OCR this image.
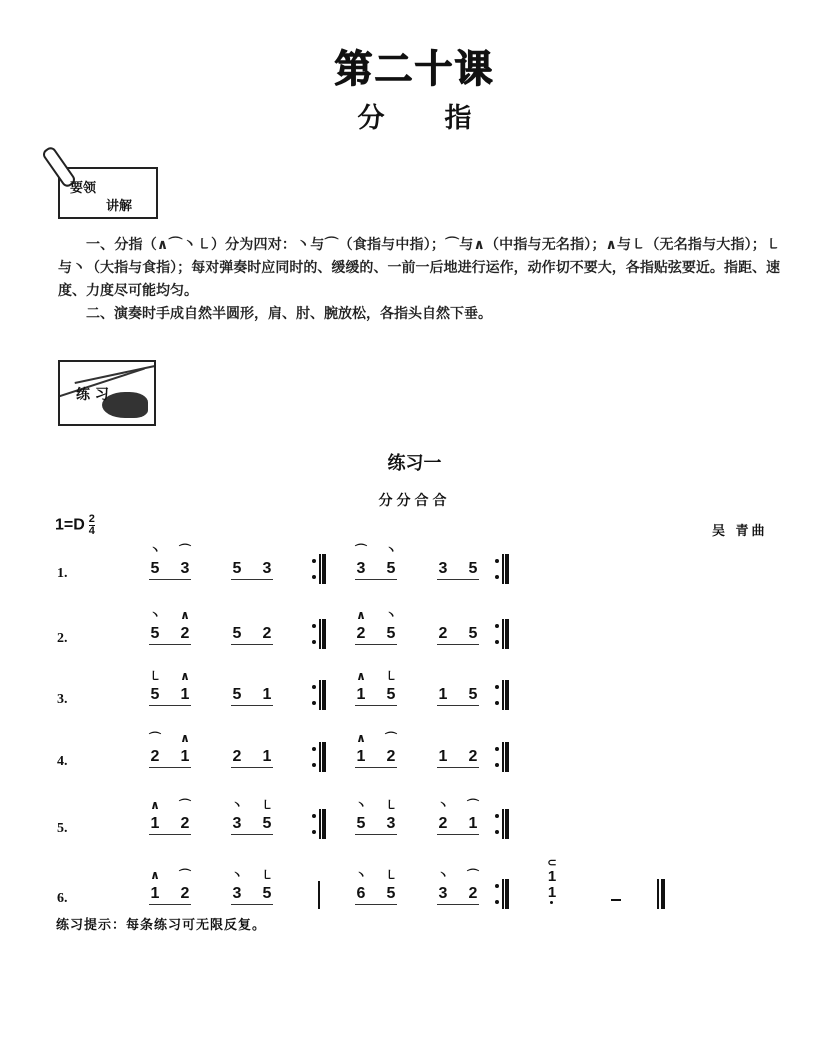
第二十课
分 指
要领
讲解

一、分指（∧⌒丶㇄）分为四对：丶与⌒（食指与中指）；⌒与∧（中指与无名指）；∧与㇄（无名指与大指）；㇄与丶（大指与食指）；每对弹奏时应同时的、缓缓的、一前一后地进行运作，动作切不要大，各指贴弦要近。指距、速度、力度尽可能均匀。

二、演奏时手成自然半圆形，肩、肘、腕放松，各指头自然下垂。

练 习
练习一
分分合合
$1=D \frac{2}{4}$	吴 青曲
1.
丶 ⌒
5 3	5 3
⌒ 丶
3 5	3 5
2.
丶 ∧
5 2	5 2
∧ 丶
2 5	2 5
3.
㇄ ∧
5 1	5 1
∧ ㇄
1 5	1 5
4.
⌒ ∧
2 1	2 1
∧ ⌒
1 2	1 2
5.
∧ ⌒
1 2
丶 ㇄
3 5
丶 ㇄
5 3
丶 ⌒
2 1
6.
∧ ⌒
1 2
丶 ㇄
3 5
丶 ㇄
6 5
丶 ⌒
3 2
⊂
1
1
练习提示：每条练习可无限反复。
